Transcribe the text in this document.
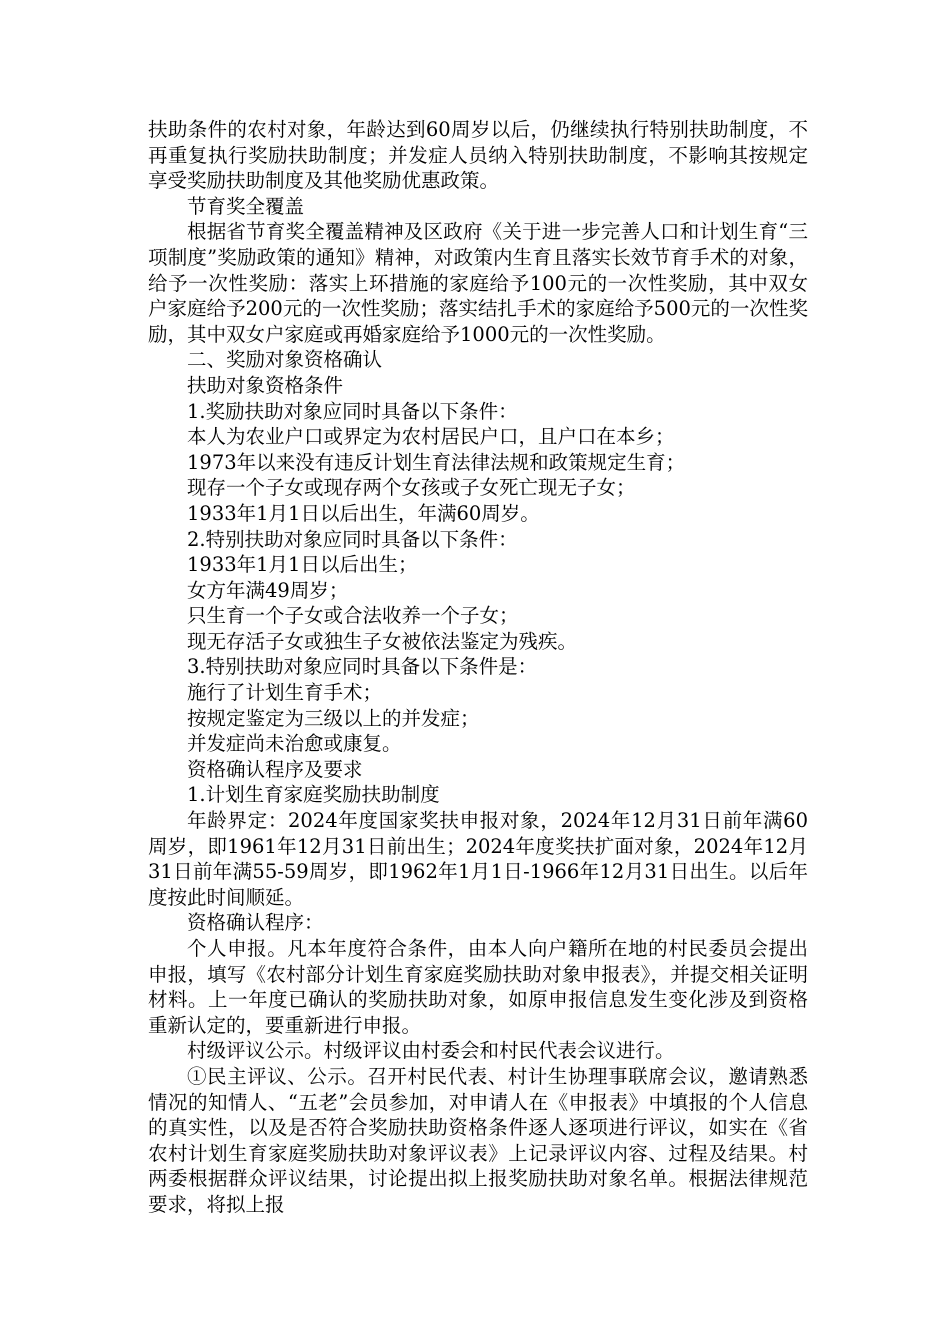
扶助条件的农村对象，年龄达到60周岁以后，仍继续执行特别扶助制度，不再重复执行奖励扶助制度；并发症人员纳入特别扶助制度，不影响其按规定享受奖励扶助制度及其他奖励优惠政策。

节育奖全覆盖

根据省节育奖全覆盖精神及区政府《关于进一步完善人口和计划生育“三项制度”奖励政策的通知》精神，对政策内生育且落实长效节育手术的对象，给予一次性奖励：落实上环措施的家庭给予100元的一次性奖励，其中双女户家庭给予200元的一次性奖励；落实结扎手术的家庭给予500元的一次性奖励，其中双女户家庭或再婚家庭给予1000元的一次性奖励。

二、奖励对象资格确认

扶助对象资格条件

1.奖励扶助对象应同时具备以下条件：

本人为农业户口或界定为农村居民户口，且户口在本乡；

1973年以来没有违反计划生育法律法规和政策规定生育；

现存一个子女或现存两个女孩或子女死亡现无子女；

1933年1月1日以后出生，年满60周岁。

2.特别扶助对象应同时具备以下条件：

1933年1月1日以后出生；

女方年满49周岁；

只生育一个子女或合法收养一个子女；

现无存活子女或独生子女被依法鉴定为残疾。

3.特别扶助对象应同时具备以下条件是：

施行了计划生育手术；

按规定鉴定为三级以上的并发症；

并发症尚未治愈或康复。

资格确认程序及要求

1.计划生育家庭奖励扶助制度

年龄界定：2024年度国家奖扶申报对象，2024年12月31日前年满60周岁，即1961年12月31日前出生；2024年度奖扶扩面对象，2024年12月31日前年满55-59周岁，即1962年1月1日-1966年12月31日出生。以后年度按此时间顺延。

资格确认程序：

个人申报。凡本年度符合条件，由本人向户籍所在地的村民委员会提出申报，填写《农村部分计划生育家庭奖励扶助对象申报表》，并提交相关证明材料。上一年度已确认的奖励扶助对象，如原申报信息发生变化涉及到资格重新认定的，要重新进行申报。

村级评议公示。村级评议由村委会和村民代表会议进行。

①民主评议、公示。召开村民代表、村计生协理事联席会议，邀请熟悉情况的知情人、“五老”会员参加，对申请人在《申报表》中填报的个人信息的真实性，以及是否符合奖励扶助资格条件逐人逐项进行评议，如实在《省农村计划生育家庭奖励扶助对象评议表》上记录评议内容、过程及结果。村两委根据群众评议结果，讨论提出拟上报奖励扶助对象名单。根据法律规范要求，将拟上报
